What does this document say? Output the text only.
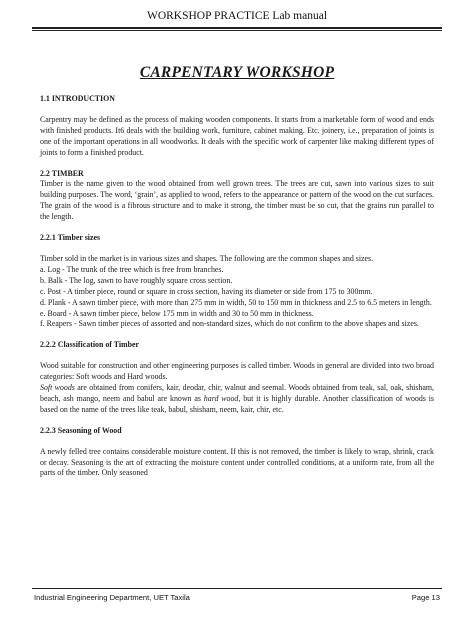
WORKSHOP PRACTICE Lab manual
CARPENTARY WORKSHOP

1.1 INTRODUCTION

Carpentry may be defined as the process of making wooden components. It starts from a marketable form of wood and ends with finished products. It6 deals with the building work, furniture, cabinet making. Etc. joinery, i.e., preparation of joints is one of the important operations in all woodworks. It deals with the specific work of carpenter like making different types of joints to form a finished product.

2.2 TIMBER

Timber is the name given to the wood obtained from well grown trees. The trees are cut, sawn into various sizes to suit building purposes. The word, ‘grain’, as applied to wood, refers to the appearance or pattern of the wood on the cut surfaces. The grain of the wood is a fibrous structure and to make it strong, the timber must be so cut, that the grains run parallel to the length.

2.2.1 Timber sizes

Timber sold in the market is in various sizes and shapes. The following are the common shapes and sizes.

a. Log - The trunk of the tree which is free from branches.

b. Balk - The log, sawn to have roughly square cross section.

c. Post - A timber piece, round or square in cross section, having its diameter or side from 175 to 300mm.

d. Plank - A sawn timber piece, with more than 275 mm in width, 50 to 150 mm in thickness and 2.5 to 6.5 meters in length.

e. Board - A sawn timber piece, below 175 mm in width and 30 to 50 mm in thickness.

f. Reapers - Sawn timber pieces of assorted and non-standard sizes, which do not confirm to the above shapes and sizes.

2.2.2 Classification of Timber

Wood suitable for construction and other engineering purposes is called timber. Woods in general are divided into two broad categories: Soft woods and Hard woods.

Soft woods are obtained from conifers, kair, deodar, chir, walnut and seemal. Woods obtained from teak, sal, oak, shisham, beach, ash mango, neem and babul are known as hard wood, but it is highly durable. Another classification of woods is based on the name of the trees like teak, babul, shisham, neem, kair, chir, etc.

2.2.3 Seasoning of Wood

A newly felled tree contains considerable moisture content. If this is not removed, the timber is likely to wrap, shrink, crack or decay. Seasoning is the art of extracting the moisture content under controlled conditions, at a uniform rate, from all the parts of the timber. Only seasoned

Industrial Engineering Department, UET Taxila	Page 13
